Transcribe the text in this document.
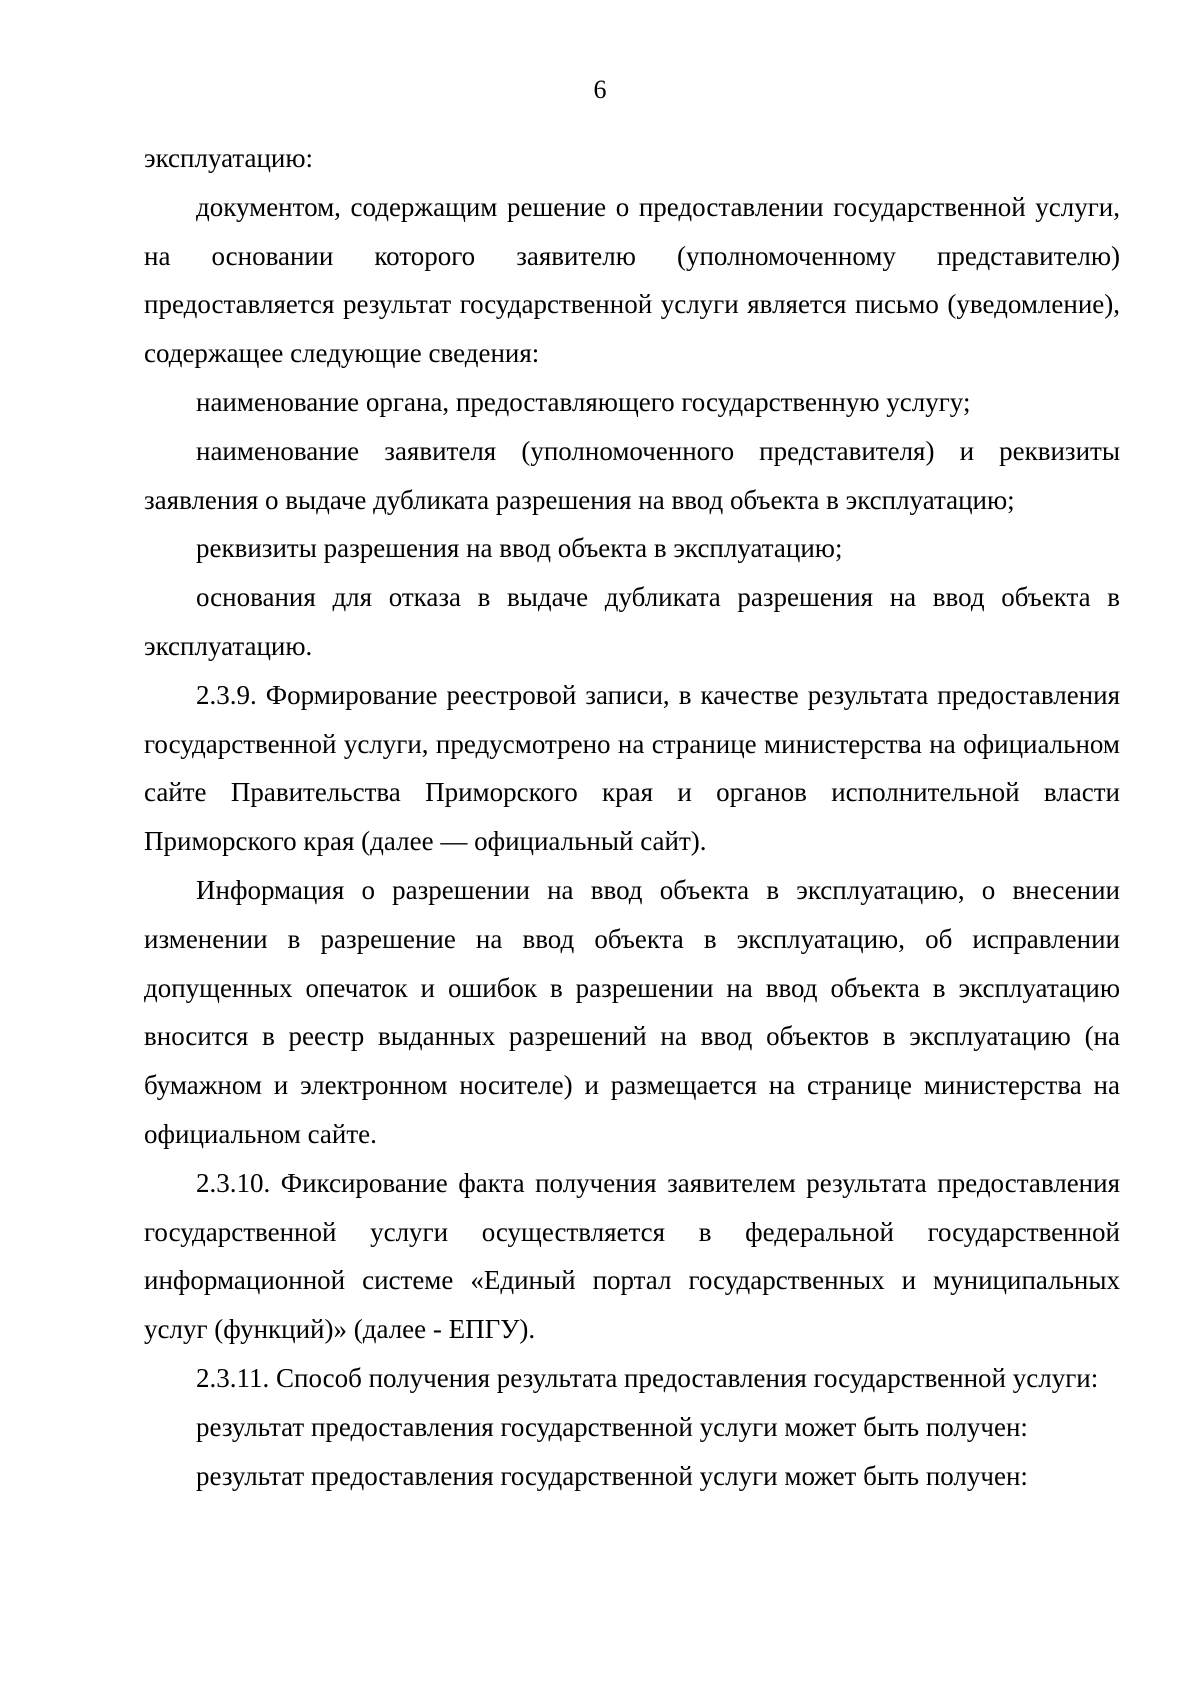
6

эксплуатацию:

документом, содержащим решение о предоставлении государственной услуги, на основании которого заявителю (уполномоченному представителю) предоставляется результат государственной услуги является письмо (уведомление), содержащее следующие сведения:

наименование органа, предоставляющего государственную услугу;

наименование заявителя (уполномоченного представителя) и реквизиты заявления о выдаче дубликата разрешения на ввод объекта в эксплуатацию;

реквизиты разрешения на ввод объекта в эксплуатацию;

основания для отказа в выдаче дубликата разрешения на ввод объекта в эксплуатацию.

2.3.9. Формирование реестровой записи, в качестве результата предоставления государственной услуги, предусмотрено на странице министерства на официальном сайте Правительства Приморского края и органов исполнительной власти Приморского края (далее — официальный сайт).

Информация о разрешении на ввод объекта в эксплуатацию, о внесении изменении в разрешение на ввод объекта в эксплуатацию, об исправлении допущенных опечаток и ошибок в разрешении на ввод объекта в эксплуатацию вносится в реестр выданных разрешений на ввод объектов в эксплуатацию (на бумажном и электронном носителе) и размещается на странице министерства на официальном сайте.

2.3.10. Фиксирование факта получения заявителем результата предоставления государственной услуги осуществляется в федеральной государственной информационной системе «Единый портал государственных и муниципальных услуг (функций)» (далее - ЕПГУ).

2.3.11. Способ получения результата предоставления государственной услуги:

результат предоставления государственной услуги может быть получен:

результат предоставления государственной услуги может быть получен:
